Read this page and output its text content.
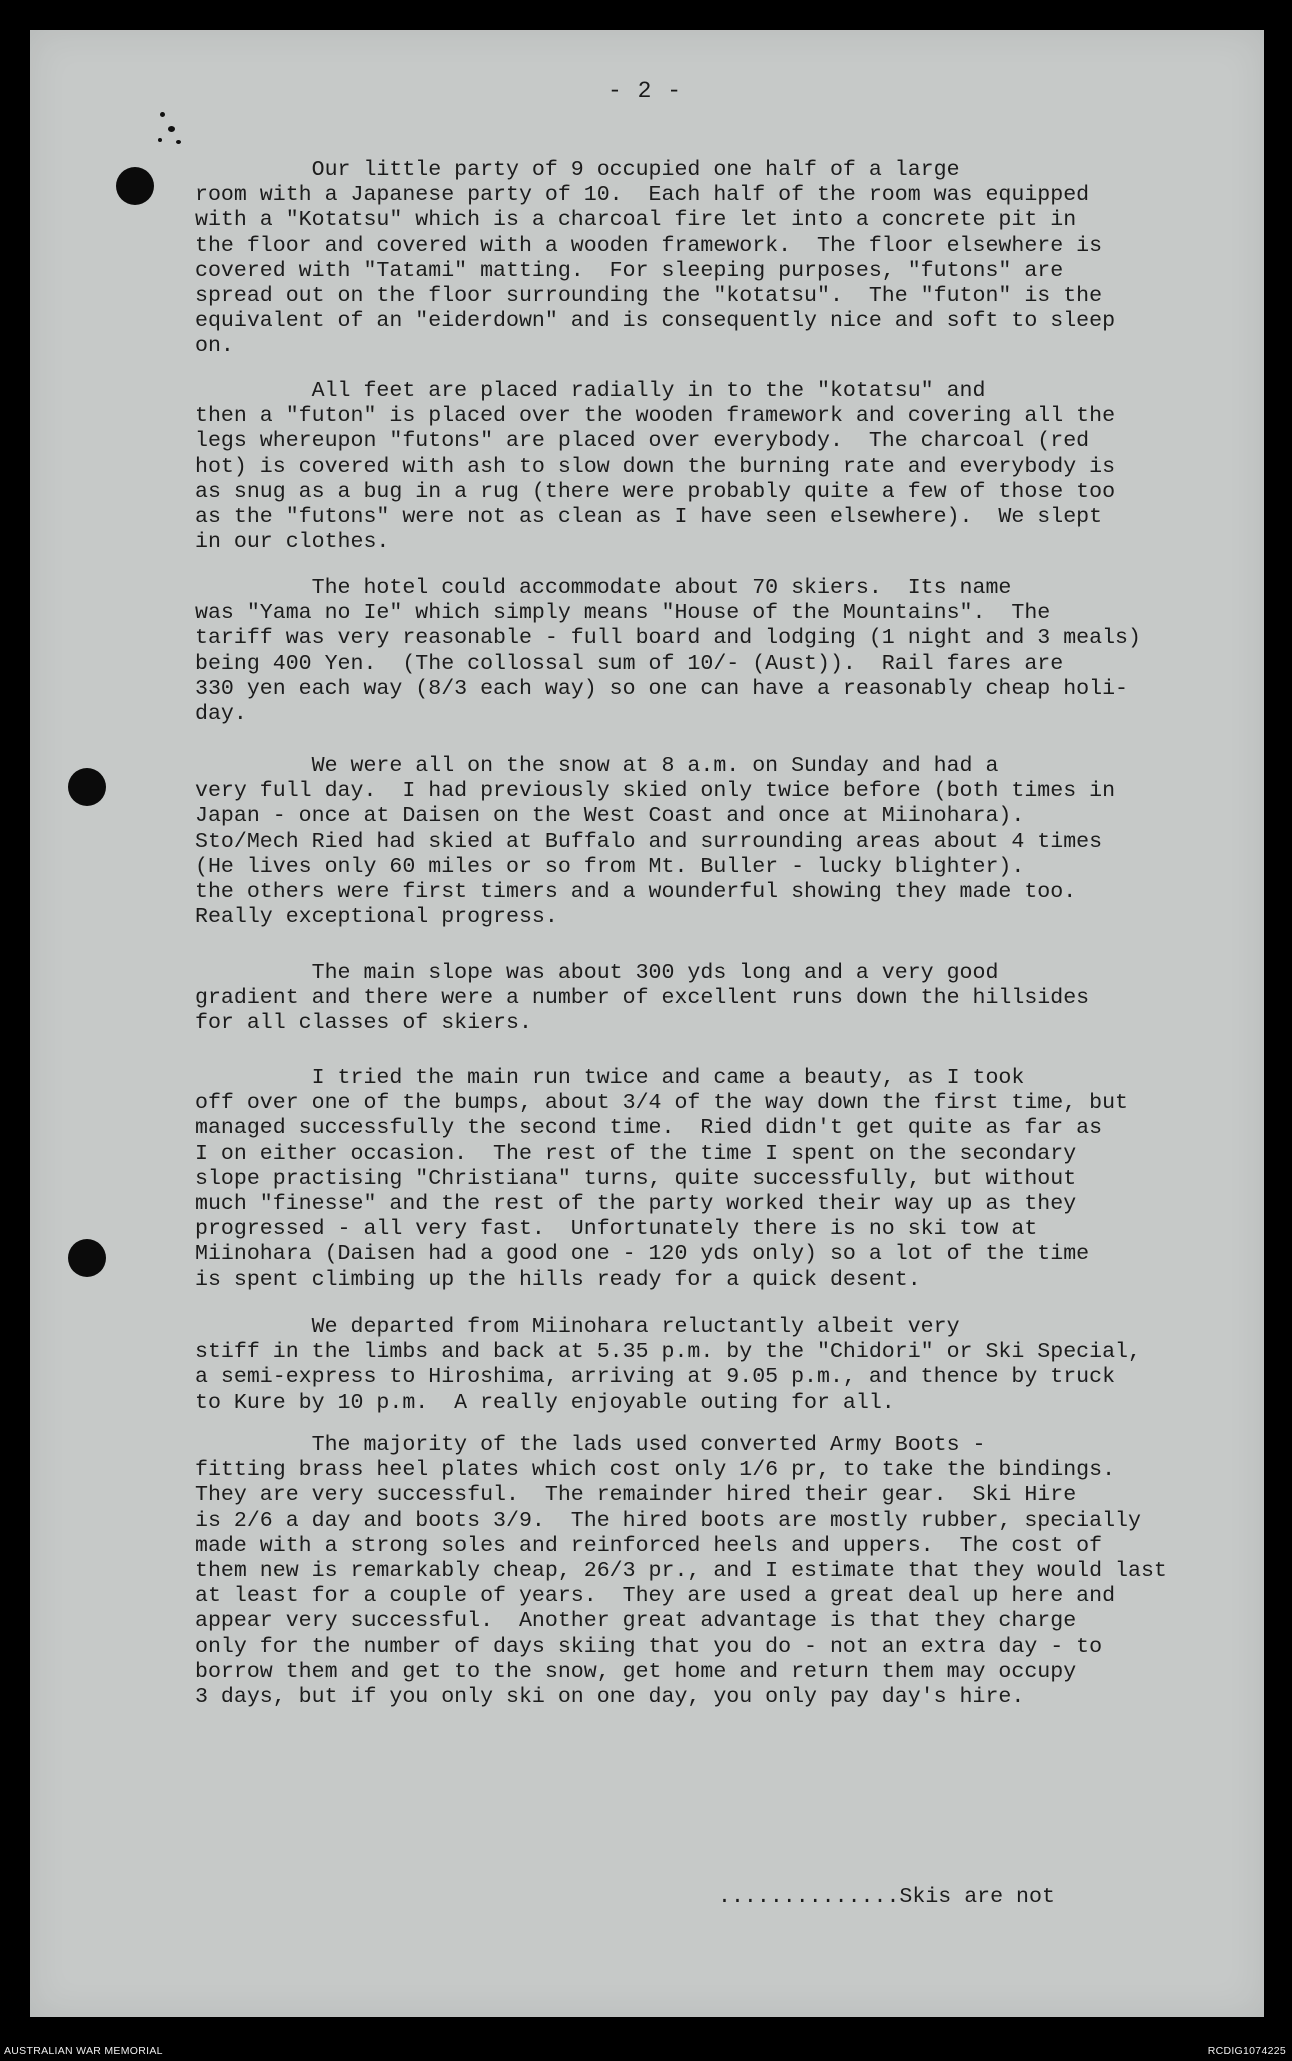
- 2 -

Our little party of 9 occupied one half of a large
room with a Japanese party of 10.  Each half of the room was equipped
with a "Kotatsu" which is a charcoal fire let into a concrete pit in
the floor and covered with a wooden framework.  The floor elsewhere is
covered with "Tatami" matting.  For sleeping purposes, "futons" are
spread out on the floor surrounding the "kotatsu".  The "futon" is the
equivalent of an "eiderdown" and is consequently nice and soft to sleep
on.

All feet are placed radially in to the "kotatsu" and
then a "futon" is placed over the wooden framework and covering all the
legs whereupon "futons" are placed over everybody.  The charcoal (red
hot) is covered with ash to slow down the burning rate and everybody is
as snug as a bug in a rug (there were probably quite a few of those too
as the "futons" were not as clean as I have seen elsewhere).  We slept
in our clothes.

The hotel could accommodate about 70 skiers.  Its name
was "Yama no Ie" which simply means "House of the Mountains".  The
tariff was very reasonable - full board and lodging (1 night and 3 meals)
being 400 Yen.  (The collossal sum of 10/- (Aust)).  Rail fares are
330 yen each way (8/3 each way) so one can have a reasonably cheap holi-
day.

We were all on the snow at 8 a.m. on Sunday and had a
very full day.  I had previously skied only twice before (both times in
Japan - once at Daisen on the West Coast and once at Miinohara).
Sto/Mech Ried had skied at Buffalo and surrounding areas about 4 times
(He lives only 60 miles or so from Mt. Buller - lucky blighter).
the others were first timers and a wounderful showing they made too.
Really exceptional progress.

The main slope was about 300 yds long and a very good
gradient and there were a number of excellent runs down the hillsides
for all classes of skiers.

I tried the main run twice and came a beauty, as I took
off over one of the bumps, about 3/4 of the way down the first time, but
managed successfully the second time.  Ried didn't get quite as far as
I on either occasion.  The rest of the time I spent on the secondary
slope practising "Christiana" turns, quite successfully, but without
much "finesse" and the rest of the party worked their way up as they
progressed - all very fast.  Unfortunately there is no ski tow at
Miinohara (Daisen had a good one - 120 yds only) so a lot of the time
is spent climbing up the hills ready for a quick desent.

We departed from Miinohara reluctantly albeit very
stiff in the limbs and back at 5.35 p.m. by the "Chidori" or Ski Special,
a semi-express to Hiroshima, arriving at 9.05 p.m., and thence by truck
to Kure by 10 p.m.  A really enjoyable outing for all.

The majority of the lads used converted Army Boots -
fitting brass heel plates which cost only 1/6 pr, to take the bindings.
They are very successful.  The remainder hired their gear.  Ski Hire
is 2/6 a day and boots 3/9.  The hired boots are mostly rubber, specially
made with a strong soles and reinforced heels and uppers.  The cost of
them new is remarkably cheap, 26/3 pr., and I estimate that they would last
at least for a couple of years.  They are used a great deal up here and
appear very successful.  Another great advantage is that they charge
only for the number of days skiing that you do - not an extra day - to
borrow them and get to the snow, get home and return them may occupy
3 days, but if you only ski on one day, you only pay day's hire.

..............Skis are not
AUSTRALIAN WAR MEMORIAL	RCDIG1074225
